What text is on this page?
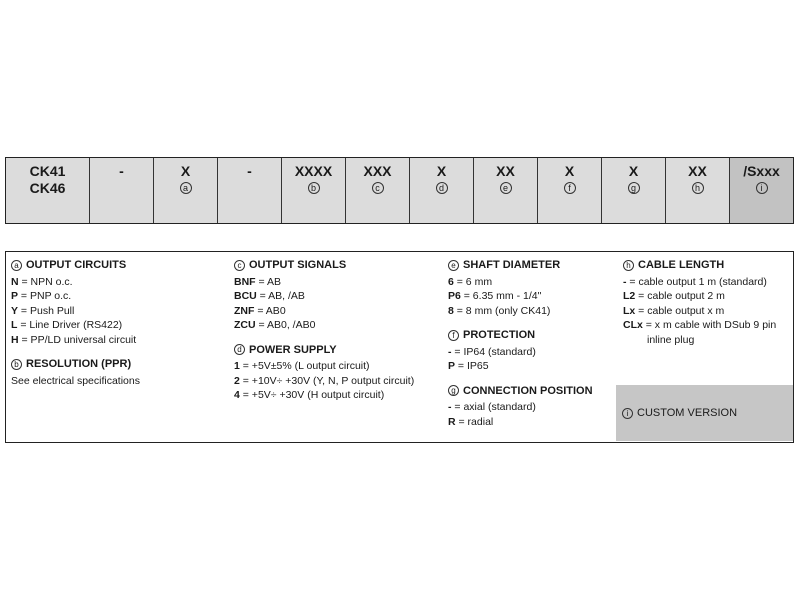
CK41
CK46
-	X
a
-	XXXX
b
XXX
c
X
d
XX
e
X
f
X
g
XX
h
/Sxxx
i
a OUTPUT CIRCUITS
N = NPN o.c.
P = PNP o.c.
Y = Push Pull
L = Line Driver (RS422)
H = PP/LD universal circuit
b RESOLUTION (PPR)
See electrical specifications
c OUTPUT SIGNALS
BNF = AB
BCU = AB, /AB
ZNF = AB0
ZCU = AB0, /AB0
d POWER SUPPLY
1 = +5V±5% (L output circuit)
2 = +10V÷ +30V (Y, N, P output circuit)
4 = +5V÷ +30V (H output circuit)
e SHAFT DIAMETER
6 = 6 mm
P6 = 6.35 mm - 1/4"
8 = 8 mm (only CK41)
f PROTECTION
- = IP64 (standard)
P = IP65
g CONNECTION POSITION
- = axial (standard)
R = radial
h CABLE LENGTH
- = cable output 1 m (standard)
L2 = cable output 2 m
Lx = cable output x m
CLx = x m cable with DSub 9 pin
inline plug
i CUSTOM VERSION
